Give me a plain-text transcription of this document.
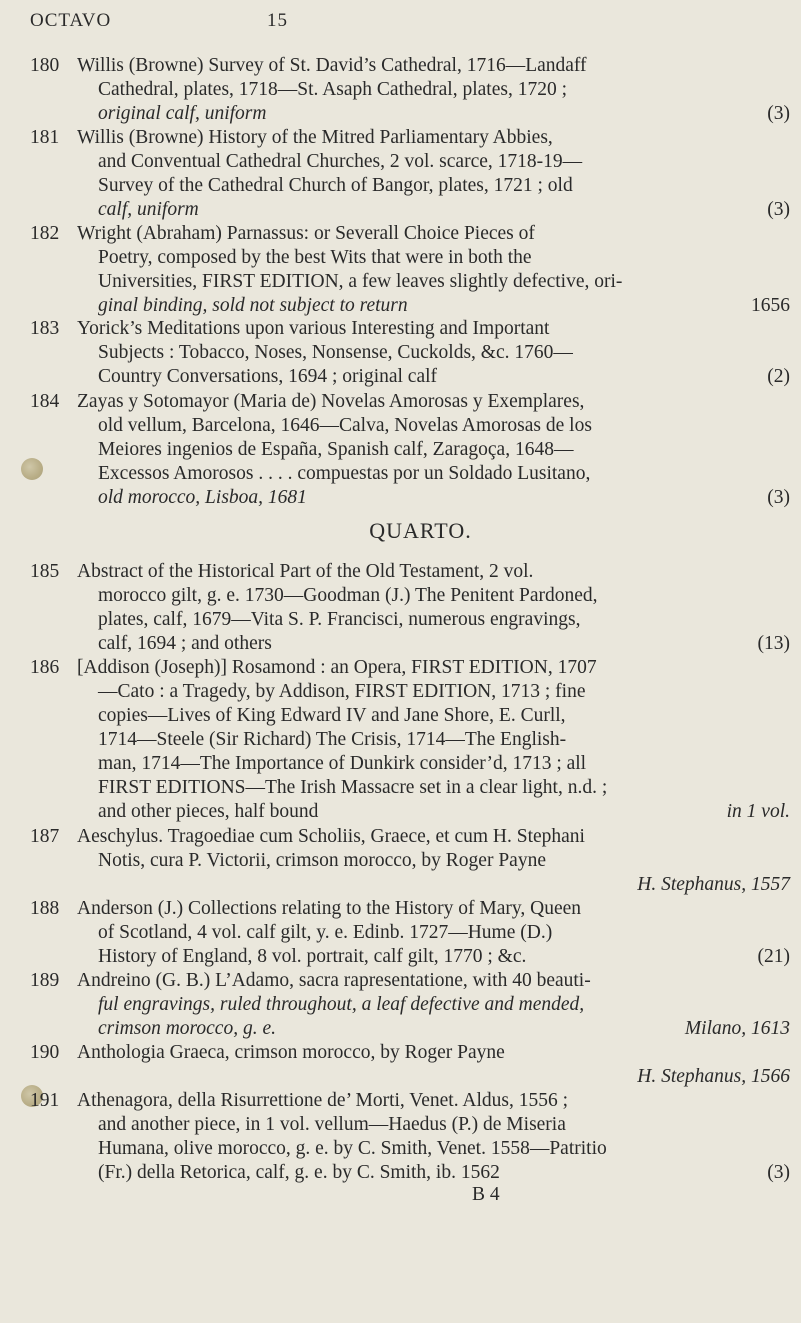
OCTAVO	15
180 Willis (Browne) Survey of St. David’s Cathedral, 1716—Landaff

Cathedral, plates, 1718—St. Asaph Cathedral, plates, 1720 ;

original calf, uniform	(3)

181 Willis (Browne) History of the Mitred Parliamentary Abbies,

and Conventual Cathedral Churches, 2 vol. scarce, 1718-19—

Survey of the Cathedral Church of Bangor, plates, 1721 ; old

calf, uniform	(3)

182 Wright (Abraham) Parnassus: or Severall Choice Pieces of

Poetry, composed by the best Wits that were in both the

Universities, FIRST EDITION, a few leaves slightly defective, ori-

ginal binding, sold not subject to return	1656

183 Yorick’s Meditations upon various Interesting and Important

Subjects : Tobacco, Noses, Nonsense, Cuckolds, &c. 1760—

Country Conversations, 1694 ; original calf	(2)

184 Zayas y Sotomayor (Maria de) Novelas Amorosas y Exemplares,

old vellum, Barcelona, 1646—Calva, Novelas Amorosas de los

Meiores ingenios de España, Spanish calf, Zaragoça, 1648—

Excessos Amorosos . . . . compuestas por un Soldado Lusitano,

old morocco, Lisboa, 1681	(3)

185 Abstract of the Historical Part of the Old Testament, 2 vol.

morocco gilt, g. e. 1730—Goodman (J.) The Penitent Pardoned,

plates, calf, 1679—Vita S. P. Francisci, numerous engravings,

calf, 1694 ; and others	(13)

186 [Addison (Joseph)] Rosamond : an Opera, FIRST EDITION, 1707

—Cato : a Tragedy, by Addison, FIRST EDITION, 1713 ; fine

copies—Lives of King Edward IV and Jane Shore, E. Curll,

1714—Steele (Sir Richard) The Crisis, 1714—The English-

man, 1714—The Importance of Dunkirk consider’d, 1713 ; all

FIRST EDITIONS—The Irish Massacre set in a clear light, n.d. ;

and other pieces, half bound	in 1 vol.

187 Aeschylus. Tragoediae cum Scholiis, Graece, et cum H. Stephani

Notis, cura P. Victorii, crimson morocco, by Roger Payne

H. Stephanus, 1557

188 Anderson (J.) Collections relating to the History of Mary, Queen

of Scotland, 4 vol. calf gilt, y. e. Edinb. 1727—Hume (D.)

History of England, 8 vol. portrait, calf gilt, 1770 ; &c.	(21)

189 Andreino (G. B.) L’Adamo, sacra rapresentatione, with 40 beauti-

ful engravings, ruled throughout, a leaf defective and mended,

crimson morocco, g. e.	Milano, 1613

190 Anthologia Graeca, crimson morocco, by Roger Payne

H. Stephanus, 1566

191 Athenagora, della Risurrettione de’ Morti, Venet. Aldus, 1556 ;

and another piece, in 1 vol. vellum—Haedus (P.) de Miseria

Humana, olive morocco, g. e. by C. Smith, Venet. 1558—Patritio

(Fr.) della Retorica, calf, g. e. by C. Smith, ib. 1562	(3)

QUARTO.
B 4
